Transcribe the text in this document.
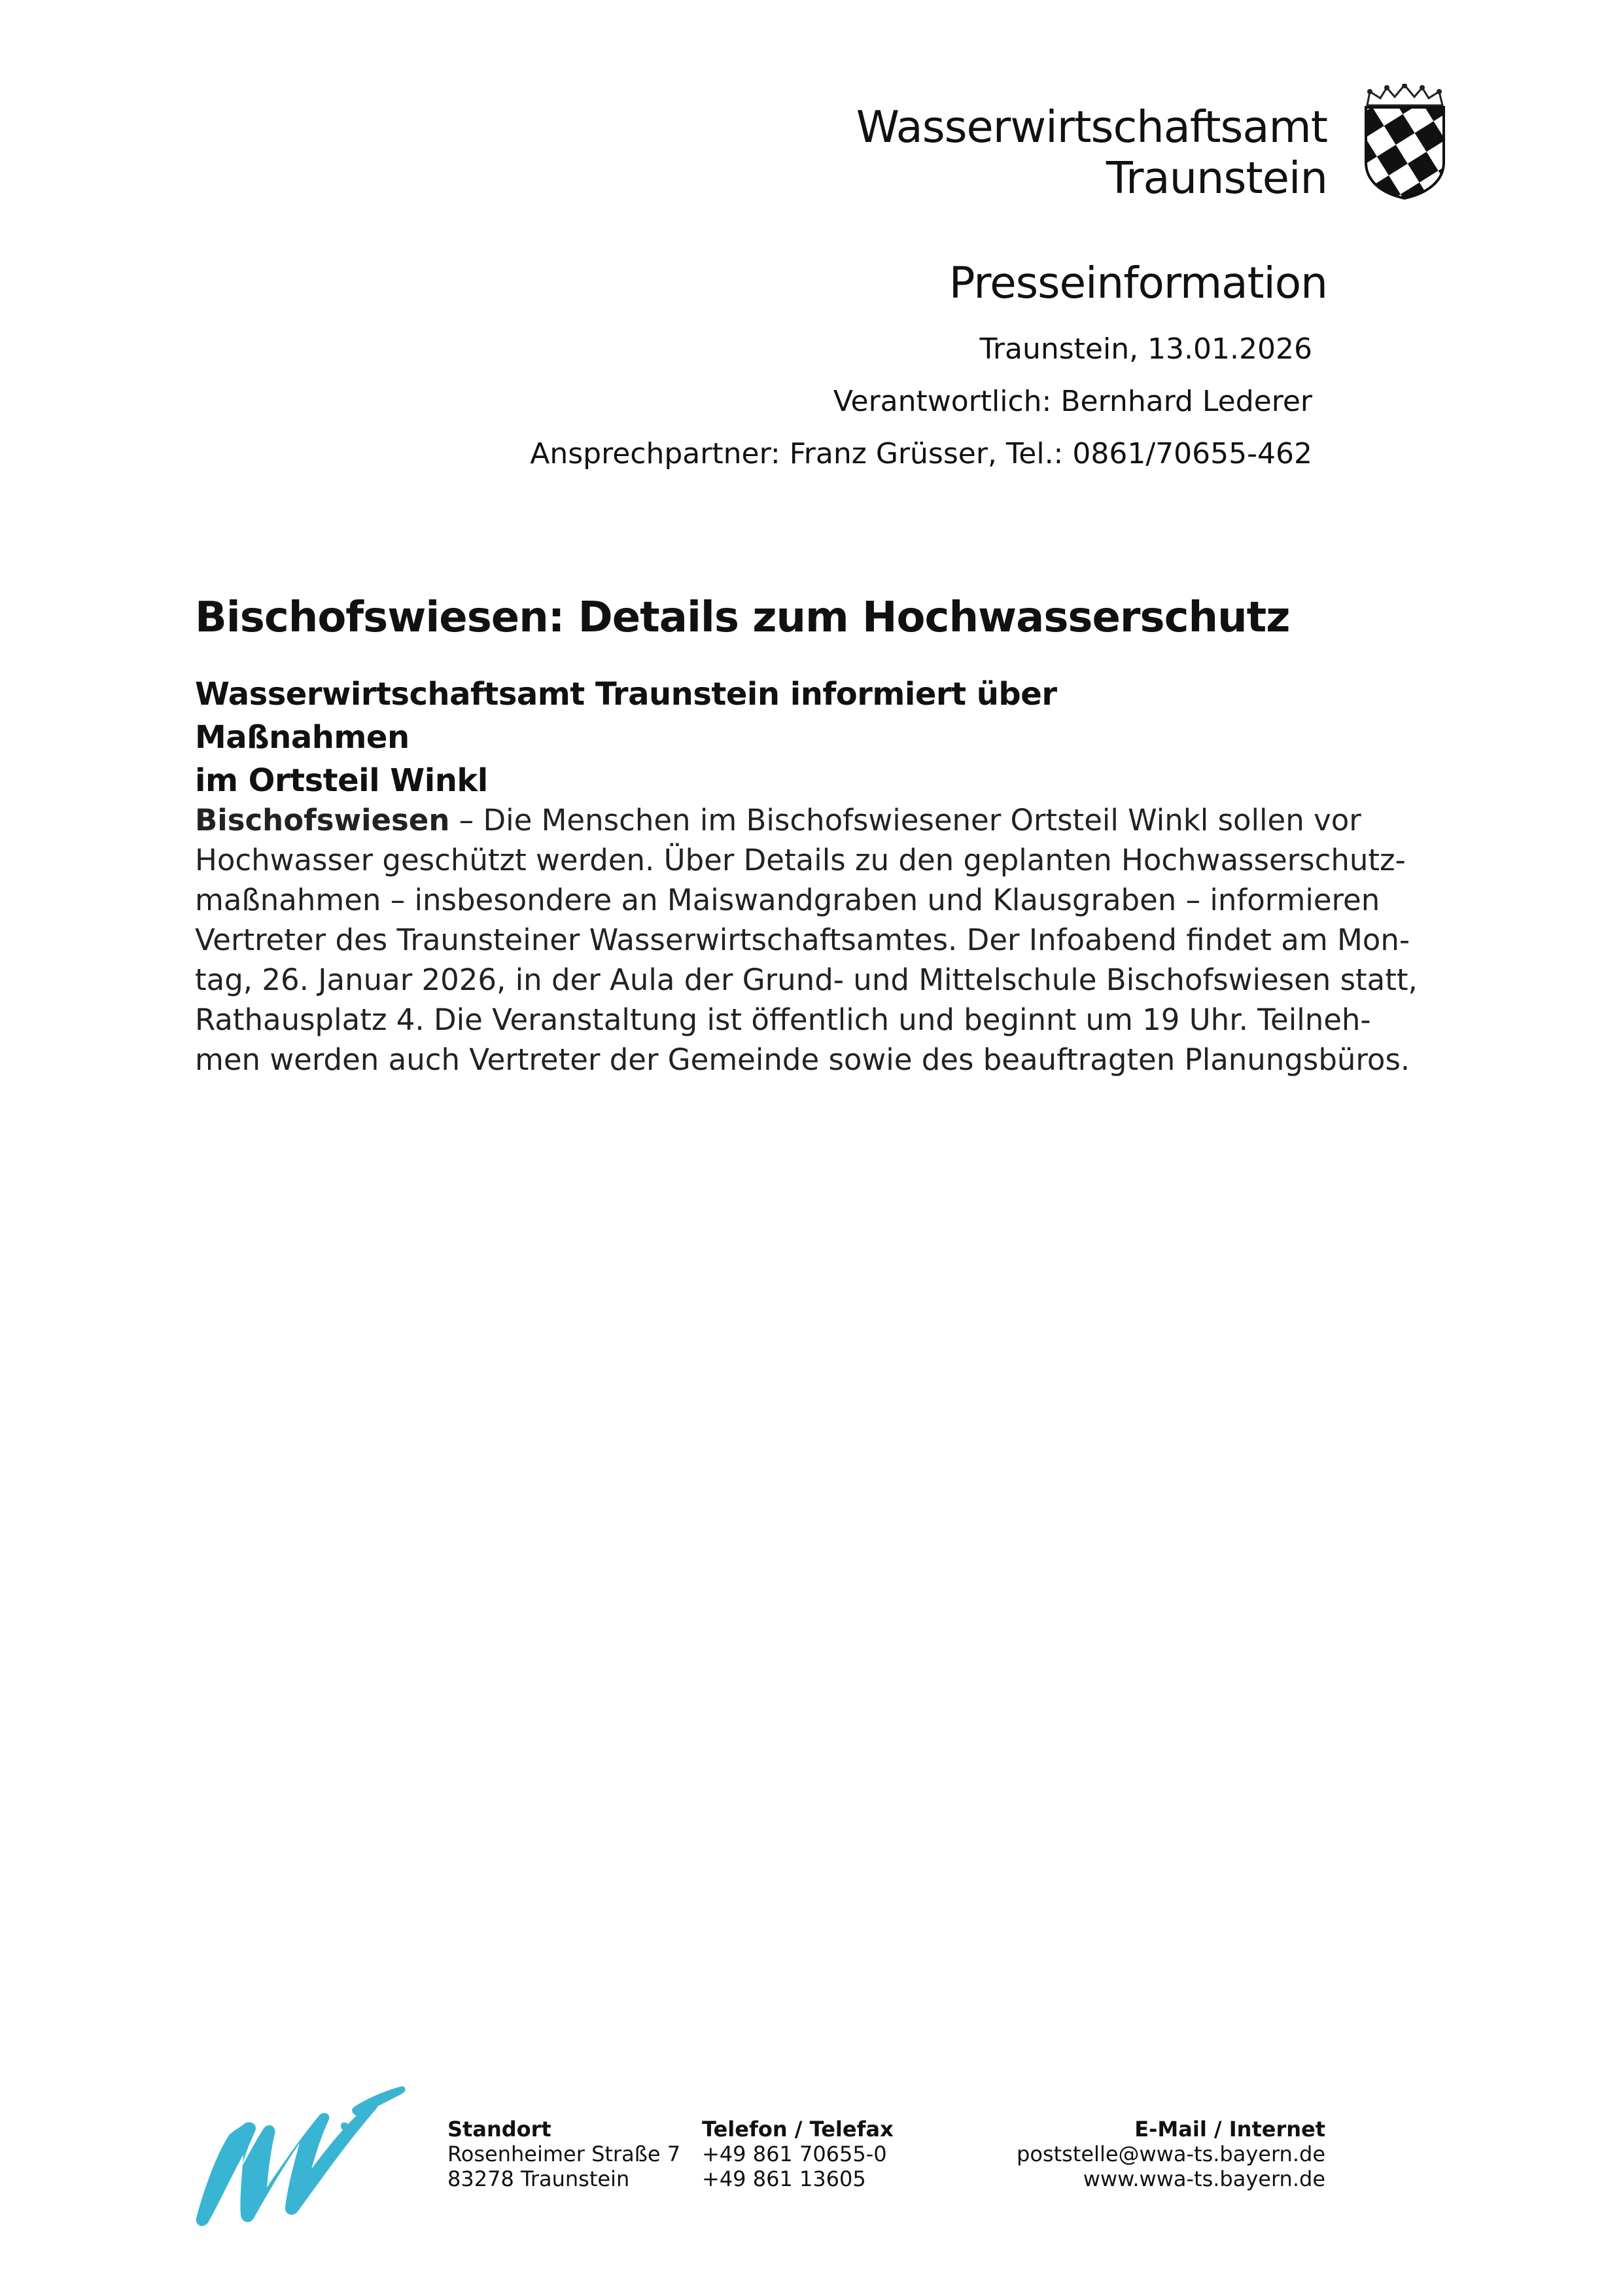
Wasserwirtschaftsamt
Traunstein
Presseinformation
Traunstein, 13.01.2026
Verantwortlich: Bernhard Lederer
Ansprechpartner: Franz Grüsser, Tel.: 0861/70655-462
Bischofswiesen: Details zum Hochwasserschutz
Wasserwirtschaftsamt Traunstein informiert über Maßnahmen
im Ortsteil Winkl

Bischofswiesen – Die Menschen im Bischofswiesener Ortsteil Winkl sollen vor

Hochwasser geschützt werden. Über Details zu den geplanten Hochwasserschutz-

maßnahmen – insbesondere an Maiswandgraben und Klausgraben – informieren

Vertreter des Traunsteiner Wasserwirtschaftsamtes. Der Infoabend findet am Mon-

tag, 26. Januar 2026, in der Aula der Grund- und Mittelschule Bischofswiesen statt,

Rathausplatz 4. Die Veranstaltung ist öffentlich und beginnt um 19 Uhr. Teilneh-

men werden auch Vertreter der Gemeinde sowie des beauftragten Planungsbüros.

Standort
Rosenheimer Straße 7
83278 Traunstein
Telefon / Telefax
+49 861 70655-0
+49 861 13605
E-Mail / Internet
poststelle@wwa-ts.bayern.de
www.wwa-ts.bayern.de
